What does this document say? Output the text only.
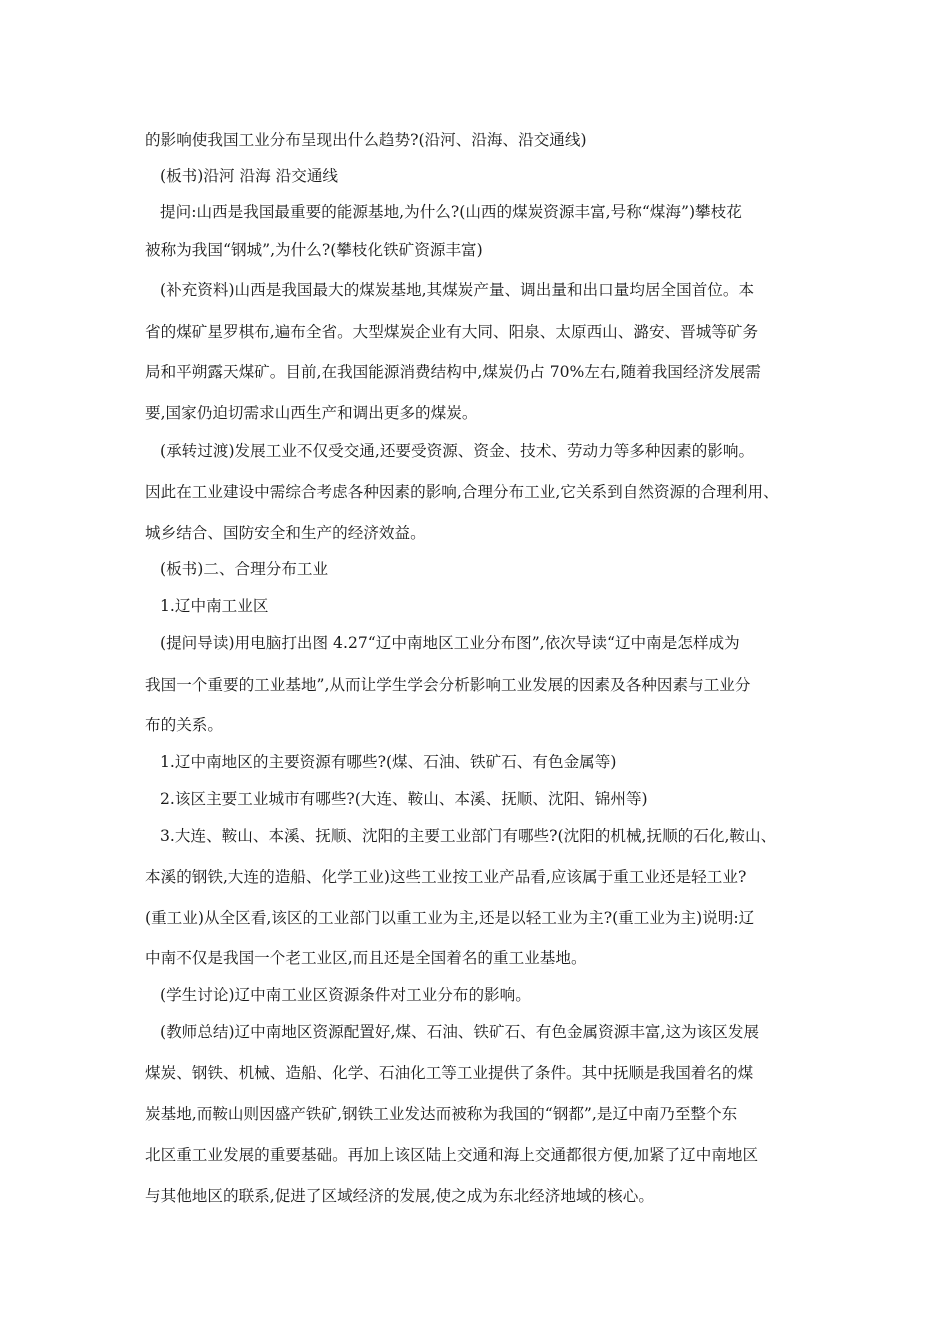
的影响使我国工业分布呈现出什么趋势?(沿河、沿海、沿交通线)
(板书)沿河 沿海 沿交通线
提问:山西是我国最重要的能源基地,为什么?(山西的煤炭资源丰富,号称“煤海”)攀枝花
被称为我国“钢城”,为什么?(攀枝化铁矿资源丰富)
(补充资料)山西是我国最大的煤炭基地,其煤炭产量、调出量和出口量均居全国首位。本
省的煤矿星罗棋布,遍布全省。大型煤炭企业有大同、阳泉、太原西山、潞安、晋城等矿务
局和平朔露天煤矿。目前,在我国能源消费结构中,煤炭仍占 70%左右,随着我国经济发展需
要,国家仍迫切需求山西生产和调出更多的煤炭。
(承转过渡)发展工业不仅受交通,还要受资源、资金、技术、劳动力等多种因素的影响。
因此在工业建设中需综合考虑各种因素的影响,合理分布工业,它关系到自然资源的合理利用、
城乡结合、国防安全和生产的经济效益。
(板书)二、合理分布工业
1.辽中南工业区
(提问导读)用电脑打出图 4.27“辽中南地区工业分布图”,依次导读“辽中南是怎样成为
我国一个重要的工业基地”,从而让学生学会分析影响工业发展的因素及各种因素与工业分
布的关系。
1.辽中南地区的主要资源有哪些?(煤、石油、铁矿石、有色金属等)
2.该区主要工业城市有哪些?(大连、鞍山、本溪、抚顺、沈阳、锦州等)
3.大连、鞍山、本溪、抚顺、沈阳的主要工业部门有哪些?(沈阳的机械,抚顺的石化,鞍山、
本溪的钢铁,大连的造船、化学工业)这些工业按工业产品看,应该属于重工业还是轻工业?
(重工业)从全区看,该区的工业部门以重工业为主,还是以轻工业为主?(重工业为主)说明:辽
中南不仅是我国一个老工业区,而且还是全国着名的重工业基地。
(学生讨论)辽中南工业区资源条件对工业分布的影响。
(教师总结)辽中南地区资源配置好,煤、石油、铁矿石、有色金属资源丰富,这为该区发展
煤炭、钢铁、机械、造船、化学、石油化工等工业提供了条件。其中抚顺是我国着名的煤
炭基地,而鞍山则因盛产铁矿,钢铁工业发达而被称为我国的“钢都”,是辽中南乃至整个东
北区重工业发展的重要基础。再加上该区陆上交通和海上交通都很方便,加紧了辽中南地区
与其他地区的联系,促进了区域经济的发展,使之成为东北经济地域的核心。
